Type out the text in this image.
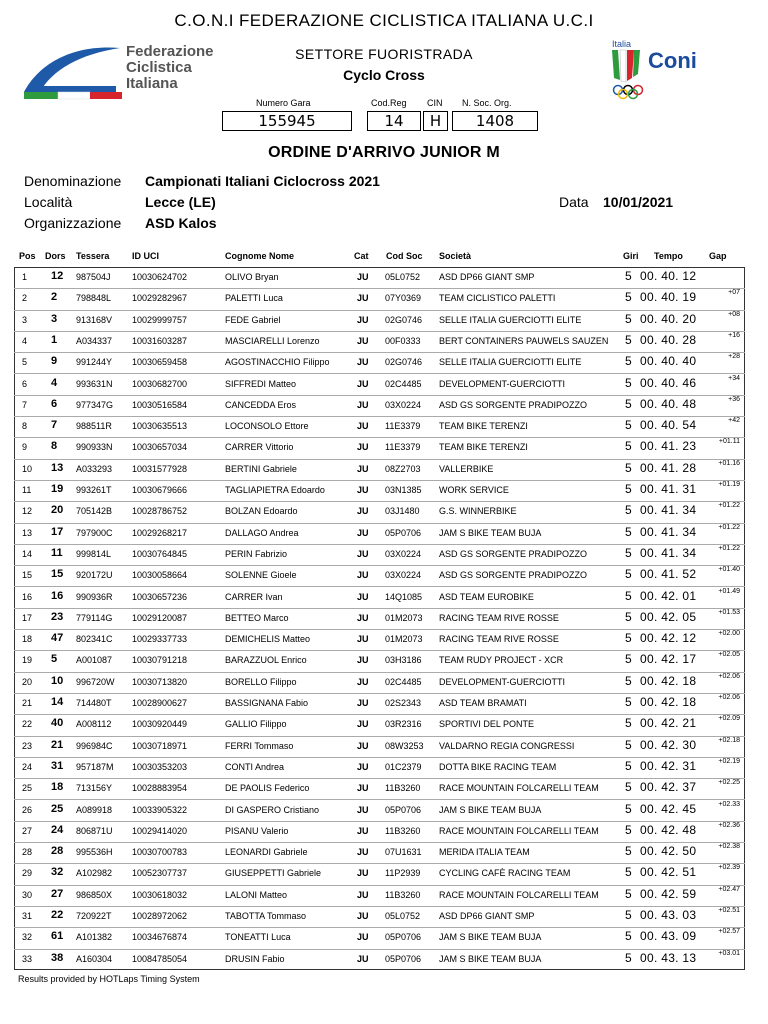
C.O.N.I FEDERAZIONE CICLISTICA ITALIANA U.C.I
Federazione
Ciclistica
Italiana
SETTORE FUORISTRADA
Cyclo Cross
Italia
Coni
Numero Gara	Cod.Reg CIN N. Soc. Org.
155945	14	H	1408
ORDINE D'ARRIVO JUNIOR M
Denominazione Campionati Italiani Ciclocross 2021
Località	Lecce (LE)	Data 10/01/2021
Organizzazione ASD Kalos
Pos Dors Tessera	ID UCI	Cognome Nome	Cat Cod Soc Società	Giri Tempo	Gap
1 12 987504J 10030624702	OLIVO Bryan	JU 05L0752 ASD DP66 GIANT SMP	5 00. 40. 12
2 2 798848L 10029282967	PALETTI Luca	JU 07Y0369 TEAM CICLISTICO PALETTI	5 00. 40. 19	+07
3 3 913168V 10029999757	FEDE Gabriel	JU 02G0746 SELLE ITALIA GUERCIOTTI ELITE	5 00. 40. 20	+08
4 1 A034337 10031603287	MASCIARELLI Lorenzo	JU 00F0333 BERT CONTAINERS PAUWELS SAUZEN 5 00. 40. 28	+16
5 9 991244Y 10030659458	AGOSTINACCHIO Filippo	JU 02G0746 SELLE ITALIA GUERCIOTTI ELITE	5 00. 40. 40	+28
6 4 993631N 10030682700	SIFFREDI Matteo	JU 02C4485 DEVELOPMENT-GUERCIOTTI	5 00. 40. 46	+34
7 6 977347G 10030516584	CANCEDDA Eros	JU 03X0224 ASD GS SORGENTE PRADIPOZZO	5 00. 40. 48	+36
8 7 988511R 10030635513	LOCONSOLO Ettore	JU 11E3379 TEAM BIKE TERENZI	5 00. 40. 54	+42
9 8 990933N 10030657034	CARRER Vittorio	JU 11E3379 TEAM BIKE TERENZI	5 00. 41. 23	+01.11
10 13 A033293 10031577928	BERTINI Gabriele	JU 08Z2703 VALLERBIKE	5 00. 41. 28	+01.16
11 19 993261T 10030679666	TAGLIAPIETRA Edoardo	JU 03N1385 WORK SERVICE	5 00. 41. 31	+01.19
12 20 705142B 10028786752	BOLZAN Edoardo	JU 03J1480 G.S. WINNERBIKE	5 00. 41. 34	+01.22
13 17 797900C 10029268217	DALLAGO Andrea	JU 05P0706 JAM S BIKE TEAM BUJA	5 00. 41. 34	+01.22
14 11 999814L 10030764845	PERIN Fabrizio	JU 03X0224 ASD GS SORGENTE PRADIPOZZO	5 00. 41. 34	+01.22
15 15 920172U 10030058664	SOLENNE Gioele	JU 03X0224 ASD GS SORGENTE PRADIPOZZO	5 00. 41. 52	+01.40
16 16 990936R 10030657236	CARRER Ivan	JU 14Q1085 ASD TEAM EUROBIKE	5 00. 42. 01	+01.49
17 23 779114G 10029120087	BETTEO Marco	JU 01M2073 RACING TEAM RIVE ROSSE	5 00. 42. 05	+01.53
18 47 802341C 10029337733	DEMICHELIS Matteo	JU 01M2073 RACING TEAM RIVE ROSSE	5 00. 42. 12	+02.00
19 5 A001087 10030791218	BARAZZUOL Enrico	JU 03H3186 TEAM RUDY PROJECT - XCR	5 00. 42. 17	+02.05
20 10 996720W 10030713820	BORELLO Filippo	JU 02C4485 DEVELOPMENT-GUERCIOTTI	5 00. 42. 18	+02.06
21 14 714480T 10028900627	BASSIGNANA Fabio	JU 02S2343 ASD TEAM BRAMATI	5 00. 42. 18	+02.06
22 40 A008112 10030920449	GALLIO Filippo	JU 03R2316 SPORTIVI DEL PONTE	5 00. 42. 21	+02.09
23 21 996984C 10030718971	FERRI Tommaso	JU 08W3253 VALDARNO REGIA CONGRESSI	5 00. 42. 30	+02.18
24 31 957187M 10030353203	CONTI Andrea	JU 01C2379 DOTTA BIKE RACING TEAM	5 00. 42. 31	+02.19
25 18 713156Y 10028883954	DE PAOLIS Federico	JU 11B3260 RACE MOUNTAIN FOLCARELLI TEAM 5 00. 42. 37	+02.25
26 25 A089918 10033905322	DI GASPERO Cristiano	JU 05P0706 JAM S BIKE TEAM BUJA	5 00. 42. 45	+02.33
27 24 806871U 10029414020	PISANU Valerio	JU 11B3260 RACE MOUNTAIN FOLCARELLI TEAM 5 00. 42. 48	+02.36
28 28 995536H 10030700783	LEONARDI Gabriele	JU 07U1631 MERIDA ITALIA TEAM	5 00. 42. 50	+02.38
29 32 A102982 10052307737	GIUSEPPETTI Gabriele	JU 11P2939 CYCLING CAFÈ RACING TEAM	5 00. 42. 51	+02.39
30 27 986850X 10030618032	LALONI Matteo	JU 11B3260 RACE MOUNTAIN FOLCARELLI TEAM 5 00. 42. 59	+02.47
31 22 720922T 10028972062	TABOTTA Tommaso	JU 05L0752 ASD DP66 GIANT SMP	5 00. 43. 03	+02.51
32 61 A101382 10034676874	TONEATTI Luca	JU 05P0706 JAM S BIKE TEAM BUJA	5 00. 43. 09	+02.57
33 38 A160304 10084785054	DRUSIN Fabio	JU 05P0706 JAM S BIKE TEAM BUJA	5 00. 43. 13	+03.01
Results provided by HOTLaps Timing System
